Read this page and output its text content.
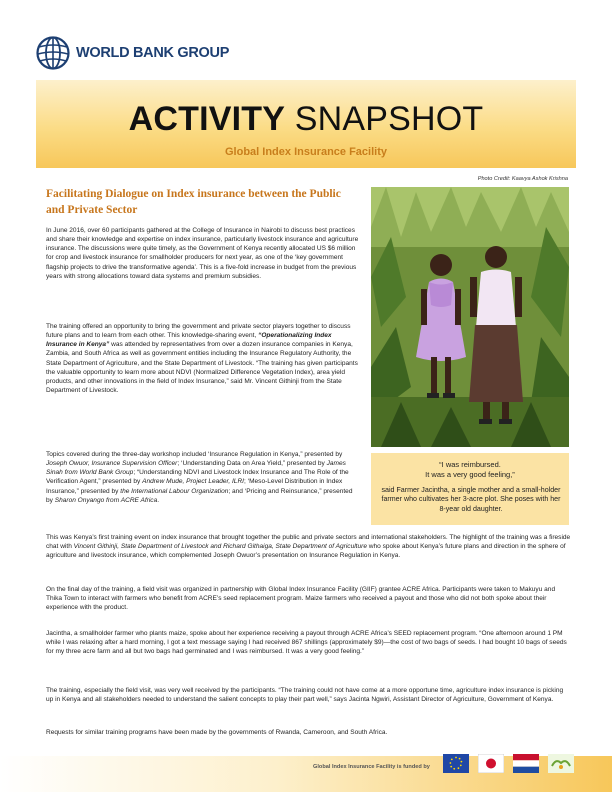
WORLD BANK GROUP
ACTIVITY SNAPSHOT
Global Index Insurance Facility
Photo Credit: Kaavya Ashok Krishna
“I was reimbursed.
It was a very good feeling,”
said Farmer Jacintha, a single mother and a small-holder farmer who cultivates her 3-acre plot. She poses with her 8-year old daughter.
Facilitating Dialogue on Index insurance between the Public and Private Sector

In June 2016, over 60 participants gathered at the College of Insurance in Nairobi to discuss best practices and share their knowledge and expertise on index insurance, particularly livestock insurance and agriculture insurance. The discussions were quite timely, as the Government of Kenya recently allocated US $6 million for crop and livestock insurance for smallholder producers for next year, as one of the ‘key government flagship projects to drive the transformative agenda’. This is a five-fold increase in budget from the previous years with strong allocations toward data systems and premium subsidies.

The training offered an opportunity to bring the government and private sector players together to discuss future plans and to learn from each other. This knowledge-sharing event, “Operationalizing Index Insurance in Kenya” was attended by representatives from over a dozen insurance companies in Kenya, Zambia, and South Africa as well as government entities including the Insurance Regulatory Authority, the State Department of Agriculture, and the State Department of Livestock. “The training has given participants the valuable opportunity to learn more about NDVI (Normalized Difference Vegetation Index), area yield products, and other innovations in the field of Index Insurance,” said Mr. Vincent Githinji from the State Department of Livestock.

Topics covered during the three-day workshop included ‘Insurance Regulation in Kenya,” presented by Joseph Owuor, Insurance Supervision Officer; ‘Understanding Data on Area Yield,” presented by James Sinah from World Bank Group; “Understanding NDVI and Livestock Index Insurance and The Role of the Verification Agent,” presented by Andrew Mude, Project Leader, ILRI; ‘Meso-Level Distribution in Index Insurance,” presented by the International Labour Organization; and ‘Pricing and Reinsurance,” presented by Sharon Onyango from ACRE Africa.

This was Kenya’s first training event on index insurance that brought together the public and private sectors and international stakeholders. The highlight of the training was a fireside chat with Vincent Githinji, State Department of Livestock and Richard Githaiga, State Department of Agriculture who spoke about Kenya’s future plans and direction in the sphere of agriculture and livestock insurance, which complemented Joseph Owuor’s presentation on Insurance Regulation in Kenya.

On the final day of the training, a field visit was organized in partnership with Global Index Insurance Facility (GIIF) grantee ACRE Africa. Participants were taken to Makuyu and Thika Town to interact with farmers who benefit from ACRE’s seed replacement program. Maize farmers who received a payout and those who did not both spoke about their experience with the product.

Jacintha, a smallholder farmer who plants maize, spoke about her experience receiving a payout through ACRE Africa’s SEED replacement program. “One afternoon around 1 PM while I was relaxing after a hard morning, I got a text message saying I had received 867 shillings (approximately $9)—the cost of two bags of seeds. I had bought 10 bags of seeds for my three acre farm and all but two bags had germinated and I was reimbursed. It was a very good feeling.”

The training, especially the field visit, was very well received by the participants. “The training could not have come at a more opportune time, agriculture index insurance is picking up in Kenya and all stakeholders needed to understand the salient concepts to play their part well,” says Jacinta Ngwiri, Assistant Director of Agriculture, Government of Kenya.

Requests for similar training programs have been made by the governments of Rwanda, Cameroon, and South Africa.

Global Index Insurance Facility is funded by
